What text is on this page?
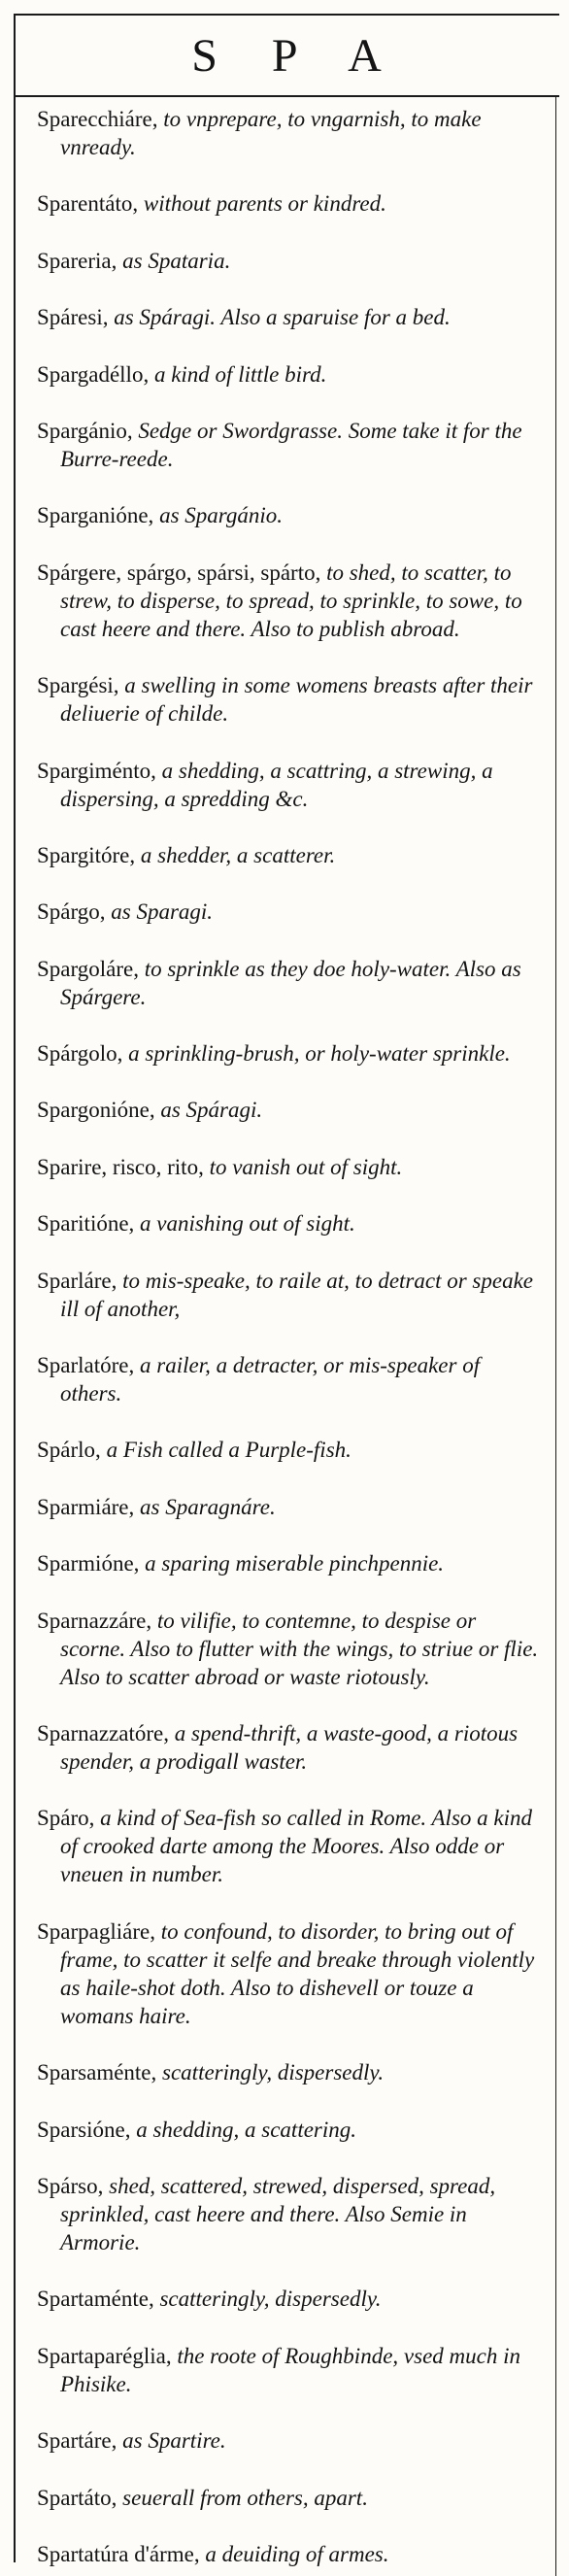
S P A

Sparecchiáre, to vnprepare, to vngarnish, to make vnready.

Sparentáto, without parents or kindred.

Spareria, as Spataria.

Spáresi, as Spáragi. Also a sparuise for a bed.

Spargadéllo, a kind of little bird.

Spargánio, Sedge or Swordgrasse. Some take it for the Burre-reede.

Sparganióne, as Spargánio.

Spárgere, spárgo, spársi, spárto, to shed, to scatter, to strew, to disperse, to spread, to sprinkle, to sowe, to cast heere and there. Also to publish abroad.

Spargési, a swelling in some womens breasts after their deliuerie of childe.

Spargiménto, a shedding, a scattring, a strewing, a dispersing, a spredding &c.

Spargitóre, a shedder, a scatterer.

Spárgo, as Sparagi.

Spargoláre, to sprinkle as they doe holy-water. Also as Spárgere.

Spárgolo, a sprinkling-brush, or holy-water sprinkle.

Spargonióne, as Spáragi.

Sparire, risco, rito, to vanish out of sight.

Sparitióne, a vanishing out of sight.

Sparláre, to mis-speake, to raile at, to detract or speake ill of another,

Sparlatóre, a railer, a detracter, or mis-speaker of others.

Spárlo, a Fish called a Purple-fish.

Sparmiáre, as Sparagnáre.

Sparmióne, a sparing miserable pinchpennie.

Sparnazzáre, to vilifie, to contemne, to despise or scorne. Also to flutter with the wings, to striue or flie. Also to scatter abroad or waste riotously.

Sparnazzatóre, a spend-thrift, a waste-good, a riotous spender, a prodigall waster.

Spáro, a kind of Sea-fish so called in Rome. Also a kind of crooked darte among the Moores. Also odde or vneuen in number.

Sparpagliáre, to confound, to disorder, to bring out of frame, to scatter it selfe and breake through violently as haile-shot doth. Also to dishevell or touze a womans haire.

Sparsaménte, scatteringly, dispersedly.

Sparsióne, a shedding, a scattering.

Spárso, shed, scattered, strewed, dispersed, spread, sprinkled, cast heere and there. Also Semie in Armorie.

Spartaménte, scatteringly, dispersedly.

Spartaparéglia, the roote of Roughbinde, vsed much in Phisike.

Spartáre, as Spartire.

Spartáto, seuerall from others, apart.

Spartatúra d'árme, a deuiding of armes.
